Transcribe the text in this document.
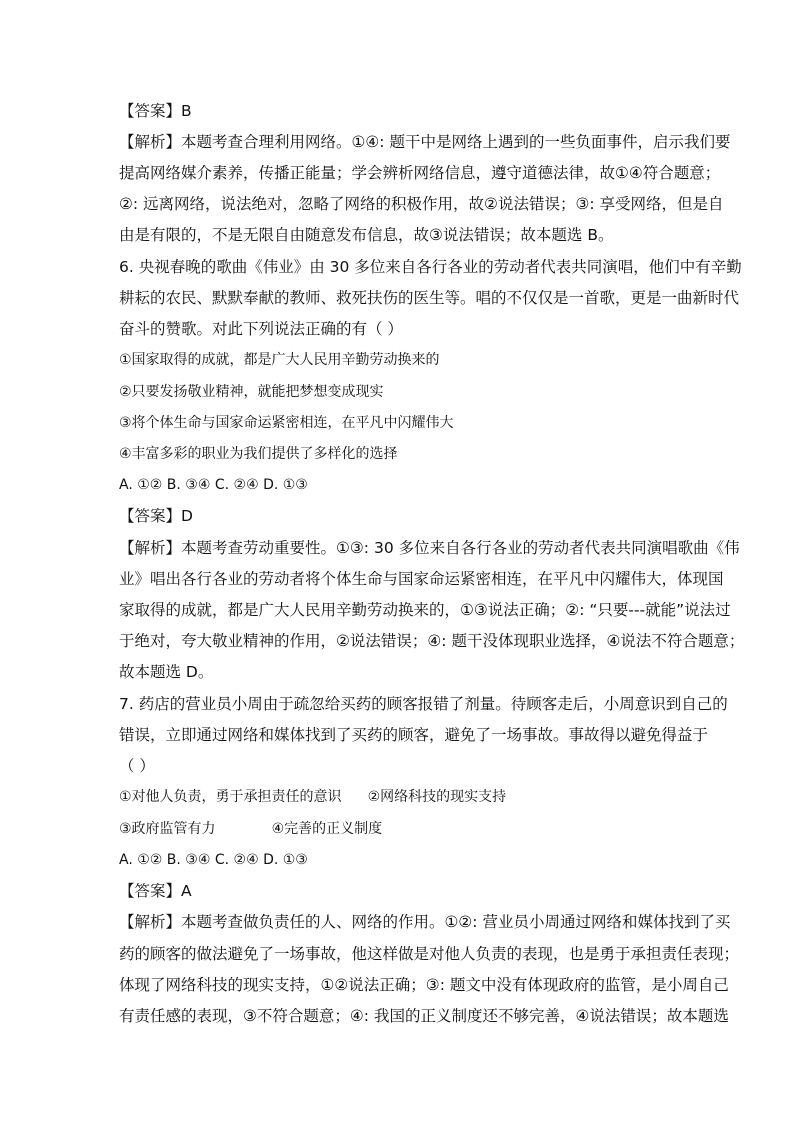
【答案】B
【解析】本题考查合理利用网络。①④: 题干中是网络上遇到的一些负面事件，启示我们要
提高网络媒介素养，传播正能量；学会辨析网络信息，遵守道德法律，故①④符合题意；
②: 远离网络，说法绝对，忽略了网络的积极作用，故②说法错误；③: 享受网络，但是自
由是有限的，不是无限自由随意发布信息，故③说法错误；故本题选 B。
6. 央视春晚的歌曲《伟业》由 30 多位来自各行各业的劳动者代表共同演唱，他们中有辛勤
耕耘的农民、默默奉献的教师、救死扶伤的医生等。唱的不仅仅是一首歌，更是一曲新时代
奋斗的赞歌。对此下列说法正确的有（ ）
①国家取得的成就，都是广大人民用辛勤劳动换来的
②只要发扬敬业精神，就能把梦想变成现实
③将个体生命与国家命运紧密相连，在平凡中闪耀伟大
④丰富多彩的职业为我们提供了多样化的选择
A. ①② B. ③④ C. ②④ D. ①③
【答案】D
【解析】本题考查劳动重要性。①③: 30 多位来自各行各业的劳动者代表共同演唱歌曲《伟
业》唱出各行各业的劳动者将个体生命与国家命运紧密相连，在平凡中闪耀伟大，体现国
家取得的成就，都是广大人民用辛勤劳动换来的，①③说法正确；②: “只要---就能”说法过
于绝对，夸大敬业精神的作用，②说法错误；④: 题干没体现职业选择，④说法不符合题意；
故本题选 D。
7. 药店的营业员小周由于疏忽给买药的顾客报错了剂量。待顾客走后，小周意识到自己的
错误，立即通过网络和媒体找到了买药的顾客，避免了一场事故。事故得以避免得益于
（ ）
①对他人负责，勇于承担责任的意识 ②网络科技的现实支持
③政府监管有力	④完善的正义制度
A. ①② B. ③④ C. ②④ D. ①③
【答案】A
【解析】本题考查做负责任的人、网络的作用。①②: 营业员小周通过网络和媒体找到了买
药的顾客的做法避免了一场事故，他这样做是对他人负责的表现，也是勇于承担责任表现；
体现了网络科技的现实支持，①②说法正确；③: 题文中没有体现政府的监管，是小周自己
有责任感的表现，③不符合题意；④: 我国的正义制度还不够完善，④说法错误；故本题选
